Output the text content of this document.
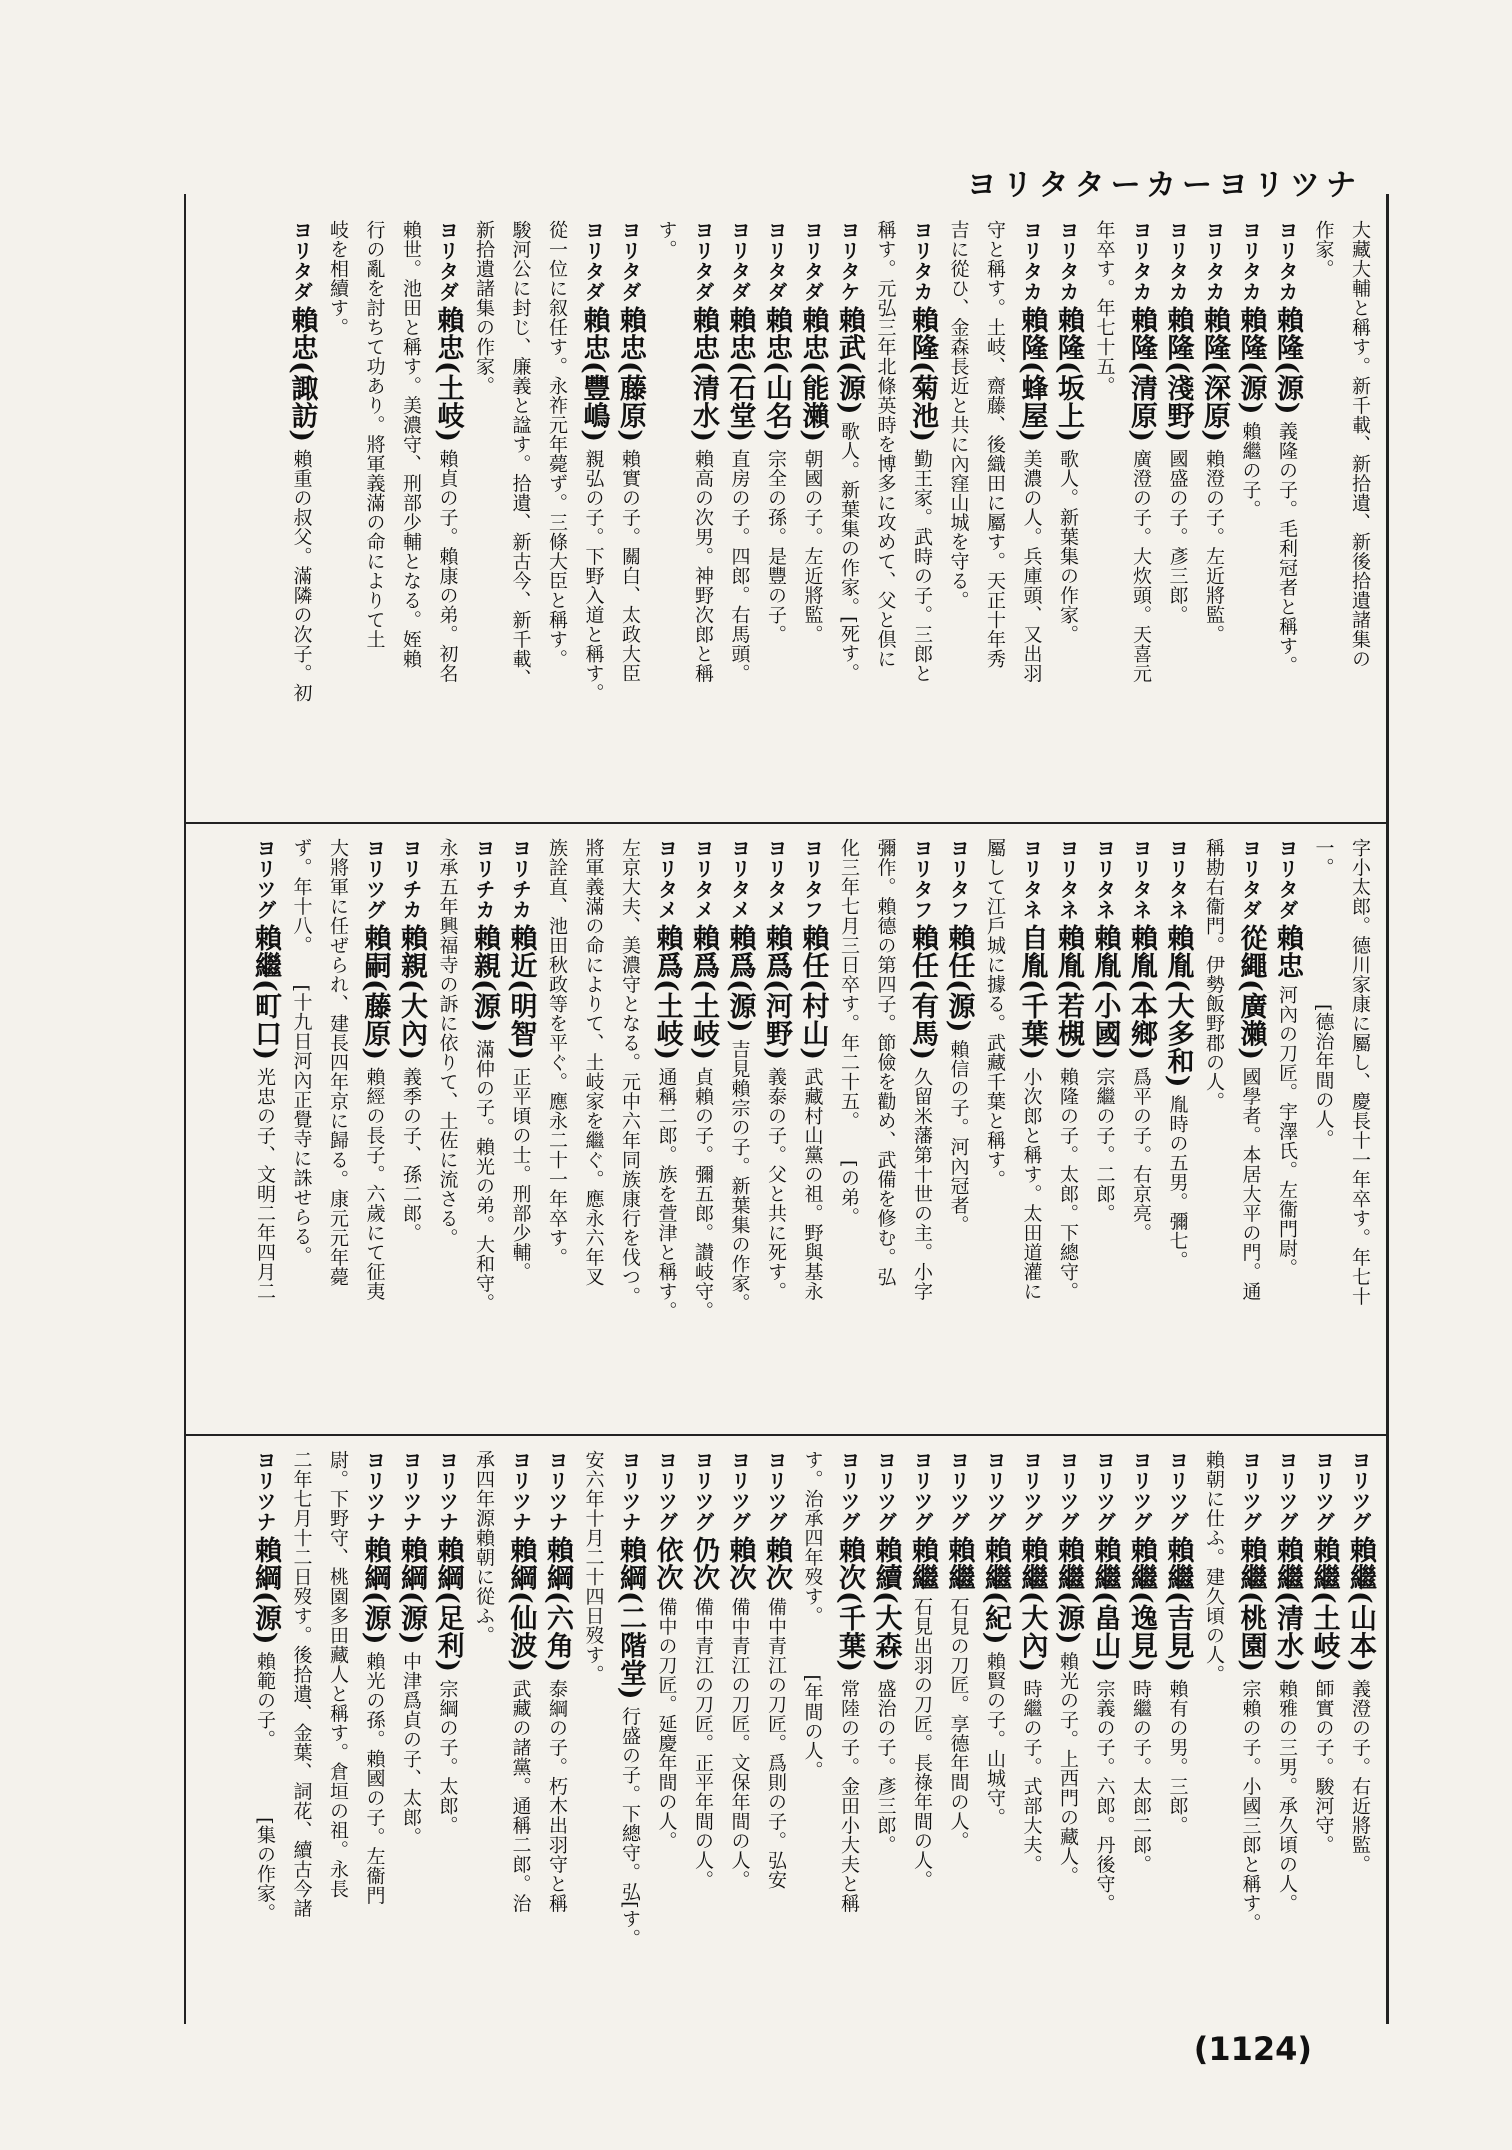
ヨリタターカーヨリツナ
大藏大輔と稱す。新千載、新拾遺、新後拾遺諸集の
作家。
ヨリタカ賴隆(源)義隆の子。毛利冠者と稱す。
ヨリタカ賴隆(源)賴繼の子。
ヨリタカ賴隆(深原)賴澄の子。左近將監。
ヨリタカ賴隆(淺野)國盛の子。彥三郎。
ヨリタカ賴隆(清原)廣澄の子。大炊頭。天喜元
年卒す。年七十五。
ヨリタカ賴隆(坂上)歌人。新葉集の作家。
ヨリタカ賴隆(蜂屋)美濃の人。兵庫頭、又出羽
守と稱す。土岐、齋藤、後織田に屬す。天正十年秀
吉に從ひ、金森長近と共に內窪山城を守る。
ヨリタカ賴隆(菊池)勤王家。武時の子。三郎と
稱す。元弘三年北條英時を博多に攻めて、父と倶に
ヨリタケ賴武(源)歌人。新葉集の作家。[死す。
ヨリタダ賴忠(能瀨)朝國の子。左近將監。
ヨリタダ賴忠(山名)宗全の孫。是豐の子。
ヨリタダ賴忠(石堂)直房の子。四郎。右馬頭。
ヨリタダ賴忠(清水)賴高の次男。神野次郎と稱
す。
ヨリタダ賴忠(藤原)賴實の子。關白、太政大臣
ヨリタダ賴忠(豐嶋)親弘の子。下野入道と稱す。
從一位に叙任す。永祚元年薨ず。三條大臣と稱す。
駿河公に封じ、廉義と諡す。拾遺、新古今、新千載、
新拾遺諸集の作家。
ヨリタダ賴忠(土岐)賴貞の子。賴康の弟。初名
賴世。池田と稱す。美濃守、刑部少輔となる。姪賴
行の亂を討ちて功あり。將軍義滿の命によりて土
岐を相續す。
ヨリタダ賴忠(諏訪)賴重の叔父。滿隣の次子。初
字小太郎。德川家康に屬し、慶長十一年卒す。年七十
一。　　　　　　　[德治年間の人。
ヨリタダ賴忠河內の刀匠。宇澤氏。左衞門尉。
ヨリタダ從繩(廣瀨)國學者。本居大平の門。通
稱勘右衞門。伊勢飯野郡の人。
ヨリタネ賴胤(大多和)胤時の五男。彌七。
ヨリタネ賴胤(本鄉)爲平の子。右京亮。
ヨリタネ賴胤(小國)宗繼の子。二郎。
ヨリタネ賴胤(若槻)賴隆の子。太郎。下總守。
ヨリタネ自胤(千葉)小次郎と稱す。太田道灌に
屬して江戶城に據る。武藏千葉と稱す。
ヨリタフ賴任(源)賴信の子。河內冠者。
ヨリタフ賴任(有馬)久留米藩第十世の主。小字
彌作。賴德の第四子。節儉を勸め、武備を修む。弘
化三年七月三日卒す。年二十五。　　[の弟。
ヨリタフ賴任(村山)武藏村山黨の祖。野與基永
ヨリタメ賴爲(河野)義泰の子。父と共に死す。
ヨリタメ賴爲(源)吉見賴宗の子。新葉集の作家。
ヨリタメ賴爲(土岐)貞賴の子。彌五郎。讃岐守。
ヨリタメ賴爲(土岐)通稱二郎。族を萱津と稱す。
左京大夫、美濃守となる。元中六年同族康行を伐つ。
將軍義滿の命によりて、土岐家を繼ぐ。應永六年叉
族詮直、池田秋政等を平ぐ。應永二十一年卒す。
ヨリチカ賴近(明智)正平頃の士。刑部少輔。
ヨリチカ賴親(源)滿仲の子。賴光の弟。大和守。
永承五年興福寺の訴に依りて、土佐に流さる。
ヨリチカ賴親(大內)義季の子、孫二郎。
ヨリツグ賴嗣(藤原)賴經の長子。六歲にて征夷
大將軍に任ぜられ、建長四年京に歸る。康元元年薨
ず。年十八。　　[十九日河內正覺寺に誅せらる。
ヨリツグ賴繼(町口)光忠の子、文明二年四月二
ヨリツグ賴繼(山本)義澄の子。右近將監。
ヨリツグ賴繼(土岐)師實の子。駿河守。
ヨリツグ賴繼(清水)賴雅の三男。承久頃の人。
ヨリツグ賴繼(桃園)宗賴の子。小國三郎と稱す。
賴朝に仕ふ。建久頃の人。
ヨリツグ賴繼(吉見)賴有の男。三郎。
ヨリツグ賴繼(逸見)時繼の子。太郎二郎。
ヨリツグ賴繼(畠山)宗義の子。六郎。丹後守。
ヨリツグ賴繼(源)賴光の子。上西門の藏人。
ヨリツグ賴繼(大內)時繼の子。式部大夫。
ヨリツグ賴繼(紀)賴賢の子。山城守。
ヨリツグ賴繼石見の刀匠。享德年間の人。
ヨリツグ賴繼石見出羽の刀匠。長祿年間の人。
ヨリツグ賴續(大森)盛治の子。彥三郎。
ヨリツグ賴次(千葉)常陸の子。金田小大夫と稱
す。治承四年歿す。　　　[年間の人。
ヨリツグ賴次備中青江の刀匠。爲則の子。弘安
ヨリツグ賴次備中青江の刀匠。文保年間の人。
ヨリツグ仍次備中青江の刀匠。正平年間の人。
ヨリツグ依次備中の刀匠。延慶年間の人。
ヨリツナ賴綱(二階堂)行盛の子。下總守。弘[す。
安六年十月二十四日歿す。
ヨリツナ賴綱(六角)泰綱の子。朽木出羽守と稱
ヨリツナ賴綱(仙波)武藏の諸黨。通稱二郎。治
承四年源賴朝に從ふ。
ヨリツナ賴綱(足利)宗綱の子。太郎。
ヨリツナ賴綱(源)中津爲貞の子、太郎。
ヨリツナ賴綱(源)賴光の孫。賴國の子。左衞門
尉。下野守、桃園多田藏人と稱す。倉垣の祖。永長
二年七月十二日歿す。後拾遺、金葉、詞花、續古今諸
ヨリツナ賴綱(源)賴範の子。　　　　[集の作家。
(1124)
